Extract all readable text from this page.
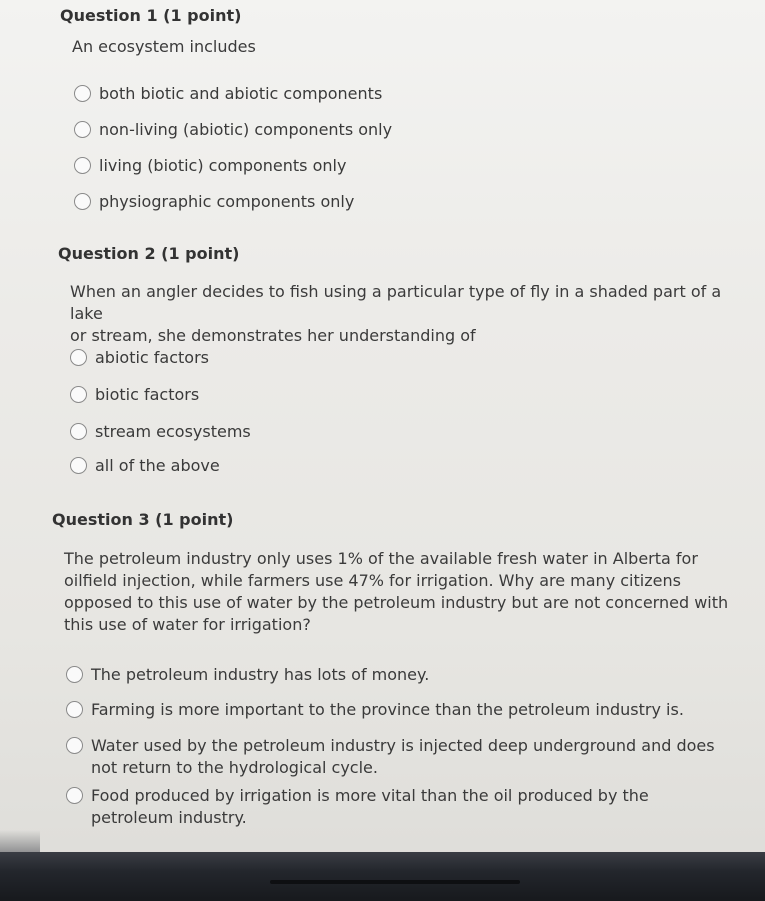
Question 1 (1 point)
An ecosystem includes
both biotic and abiotic components
non-living (abiotic) components only
living (biotic) components only
physiographic components only
Question 2 (1 point)
When an angler decides to fish using a particular type of fly in a shaded part of a lake
or stream, she demonstrates her understanding of
abiotic factors
biotic factors
stream ecosystems
all of the above
Question 3 (1 point)
The petroleum industry only uses 1% of the available fresh water in Alberta for
oilfield injection, while farmers use 47% for irrigation. Why are many citizens
opposed to this use of water by the petroleum industry but are not concerned with
this use of water for irrigation?
The petroleum industry has lots of money.
Farming is more important to the province than the petroleum industry is.
Water used by the petroleum industry is injected deep underground and does
not return to the hydrological cycle.
Food produced by irrigation is more vital than the oil produced by the
petroleum industry.
